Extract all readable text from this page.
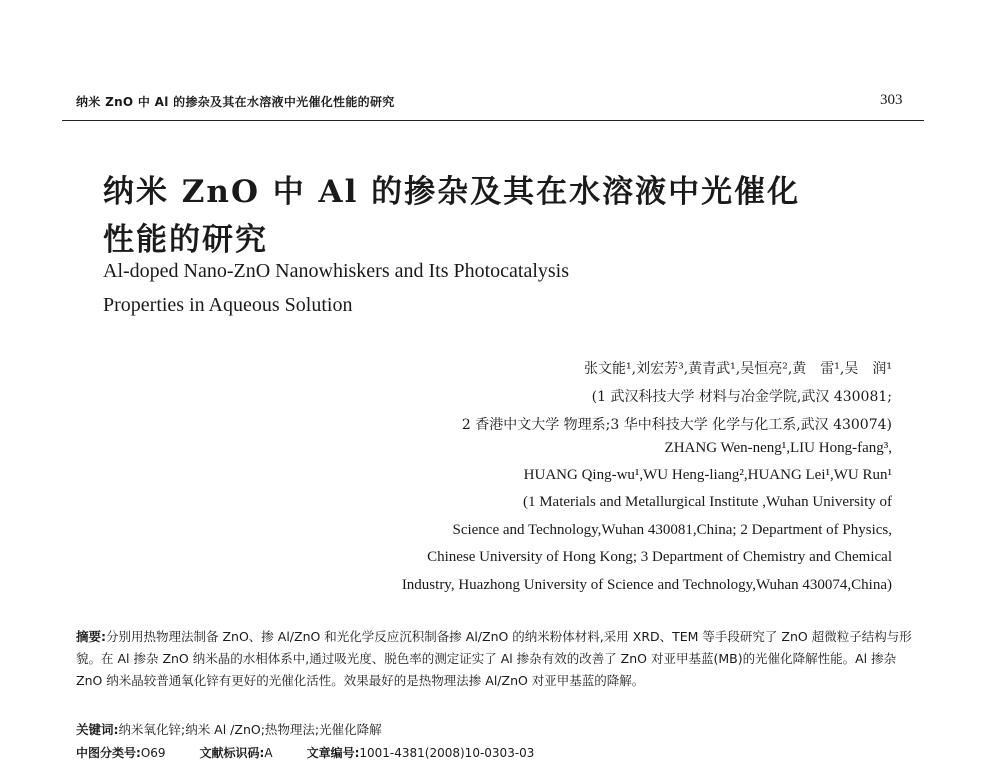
纳米 ZnO 中 Al 的掺杂及其在水溶液中光催化性能的研究	303
纳米 ZnO 中 Al 的掺杂及其在水溶液中光催化
性能的研究
Al-doped Nano-ZnO Nanowhiskers and Its Photocatalysis
Properties in Aqueous Solution
张文能¹,刘宏芳³,黄青武¹,吴恒亮²,黄　雷¹,吴　润¹
(1 武汉科技大学 材料与冶金学院,武汉 430081;
2 香港中文大学 物理系;3 华中科技大学 化学与化工系,武汉 430074)
ZHANG Wen-neng¹,LIU Hong-fang³,
HUANG Qing-wu¹,WU Heng-liang²,HUANG Lei¹,WU Run¹
(1 Materials and Metallurgical Institute ,Wuhan University of
Science and Technology,Wuhan 430081,China; 2 Department of Physics,
Chinese University of Hong Kong; 3 Department of Chemistry and Chemical
Industry, Huazhong University of Science and Technology,Wuhan 430074,China)
摘要:分别用热物理法制备 ZnO、掺 Al/ZnO 和光化学反应沉积制备掺 Al/ZnO 的纳米粉体材料,采用 XRD、TEM 等手段研究了 ZnO 超微粒子结构与形貌。在 Al 掺杂 ZnO 纳米晶的水相体系中,通过吸光度、脱色率的测定证实了 Al 掺杂有效的改善了 ZnO 对亚甲基蓝(MB)的光催化降解性能。Al 掺杂 ZnO 纳米晶较普通氧化锌有更好的光催化活性。效果最好的是热物理法掺 Al/ZnO 对亚甲基蓝的降解。
关键词:纳米氧化锌;纳米 Al /ZnO;热物理法;光催化降解
中图分类号:O69	文献标识码:A	文章编号:1001-4381(2008)10-0303-03
